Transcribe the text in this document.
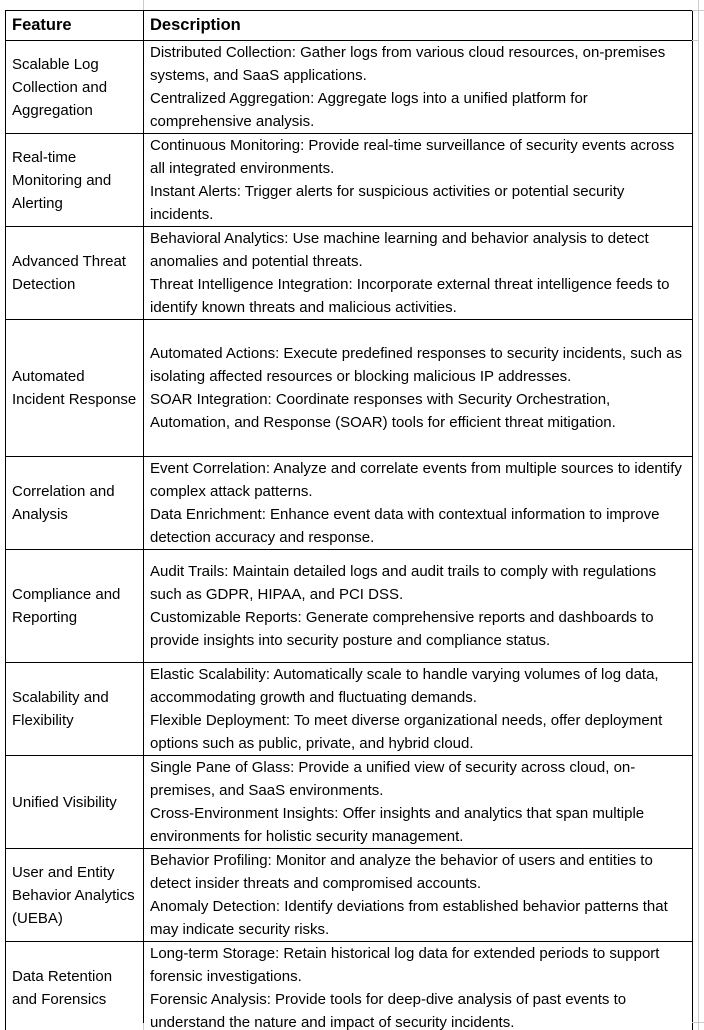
Feature	Description
Scalable Log Collection and Aggregation	Distributed Collection: Gather logs from various cloud resources, on-premises systems, and SaaS applications.

Centralized Aggregation: Aggregate logs into a unified platform for comprehensive analysis.

Real-time Monitoring and Alerting	Continuous Monitoring: Provide real-time surveillance of security events across all integrated environments.

Instant Alerts: Trigger alerts for suspicious activities or potential security incidents.

Advanced Threat Detection	Behavioral Analytics: Use machine learning and behavior analysis to detect anomalies and potential threats.

Threat Intelligence Integration: Incorporate external threat intelligence feeds to identify known threats and malicious activities.

Automated Incident Response	Automated Actions: Execute predefined responses to security incidents, such as isolating affected resources or blocking malicious IP addresses.

SOAR Integration: Coordinate responses with Security Orchestration, Automation, and Response (SOAR) tools for efficient threat mitigation.

Correlation and Analysis	Event Correlation: Analyze and correlate events from multiple sources to identify complex attack patterns.

Data Enrichment: Enhance event data with contextual information to improve detection accuracy and response.

Compliance and Reporting	Audit Trails: Maintain detailed logs and audit trails to comply with regulations such as GDPR, HIPAA, and PCI DSS.

Customizable Reports: Generate comprehensive reports and dashboards to provide insights into security posture and compliance status.

Scalability and Flexibility	Elastic Scalability: Automatically scale to handle varying volumes of log data, accommodating growth and fluctuating demands.

Flexible Deployment: To meet diverse organizational needs, offer deployment options such as public, private, and hybrid cloud.

Unified Visibility	Single Pane of Glass: Provide a unified view of security across cloud, on-premises, and SaaS environments.

Cross-Environment Insights: Offer insights and analytics that span multiple environments for holistic security management.

User and Entity Behavior Analytics (UEBA)	Behavior Profiling: Monitor and analyze the behavior of users and entities to detect insider threats and compromised accounts.

Anomaly Detection: Identify deviations from established behavior patterns that may indicate security risks.

Data Retention and Forensics	Long-term Storage: Retain historical log data for extended periods to support forensic investigations.

Forensic Analysis: Provide tools for deep-dive analysis of past events to understand the nature and impact of security incidents.
